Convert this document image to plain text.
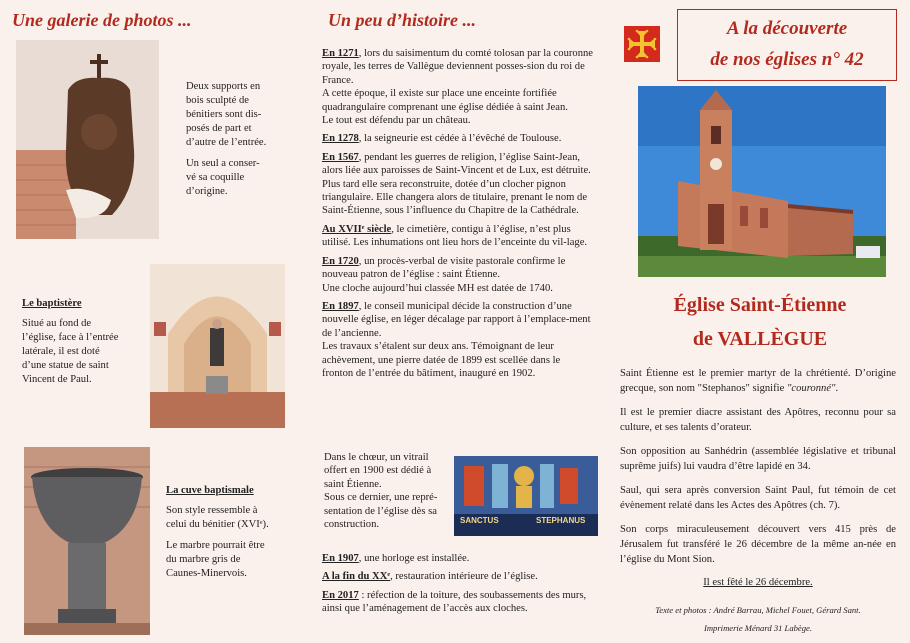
Une galerie de photos ...	Un peu d’histoire ...
Deux supports en
bois sculpté de
bénitiers sont dis-
posés de part et
d’autre de l’entrée.
Un seul a conser-
vé sa coquille
d’origine.
Le baptistère
Situé au fond de
l’église, face à l’entrée
latérale, il est doté
d’une statue de saint
Vincent de Paul.
La cuve baptismale
Son style ressemble à
celui du bénitier (XVIᵉ).
Le marbre pourrait être
du marbre gris de
Caunes-Minervois.

En 1271, lors du saisimentum du comté tolosan par la couronne royale, les terres de Vallègue deviennent posses-sion du roi de France.
A cette époque, il existe sur place une enceinte fortifiée quadrangulaire comprenant une église dédiée à saint Jean.
Le tout est défendu par un château.

En 1278, la seigneurie est cédée à l’évêché de Toulouse.

En 1567, pendant les guerres de religion, l’église Saint-Jean, alors liée aux paroisses de Saint-Vincent et de Lux, est détruite.
Plus tard elle sera reconstruite, dotée d’un clocher pignon triangulaire. Elle changera alors de titulaire, prenant le nom de Saint-Étienne, sous l’influence du Chapitre de la Cathédrale.

Au XVIIᵉ siècle, le cimetière, contigu à l’église, n’est plus utilisé. Les inhumations ont lieu hors de l’enceinte du vil-lage.

En 1720, un procès-verbal de visite pastorale confirme le nouveau patron de l’église : saint Étienne.
Une cloche aujourd’hui classée MH est datée de 1740.

En 1897, le conseil municipal décide la construction d’une nouvelle église, en léger décalage par rapport à l’emplace-ment de l’ancienne.
Les travaux s’étalent sur deux ans. Témoignant de leur achèvement, une pierre datée de 1899 est scellée dans le fronton de l’entrée du bâtiment, inauguré en 1902.

Dans le chœur, un vitrail
offert en 1900 est dédié à
saint Étienne.
Sous ce dernier, une repré-
sentation de l’église dès sa
construction.	SANCTUS	STEPHANUS

En 1907, une horloge est installée.

A la fin du XXᵉ, restauration intérieure de l’église.

En 2017 : réfection de la toiture, des soubassements des murs, ainsi que l’aménagement de l’accès aux cloches.

A la découverte
de nos églises n° 42
Église Saint-Étienne
de VALLÈGUE

Saint Étienne est le premier martyr de la chrétienté. D’origine grecque, son nom "Stephanos" signifie "couronné".

Il est le premier diacre assistant des Apôtres, reconnu pour sa culture, et ses talents d’orateur.

Son opposition au Sanhédrin (assemblée législative et tribunal suprême juifs) lui vaudra d’être lapidé en 34.

Saul, qui sera après conversion Saint Paul, fut témoin de cet évènement relaté dans les Actes des Apôtres (ch. 7).

Son corps miraculeusement découvert vers 415 près de Jérusalem fut transféré le 26 décembre de la même an-née en l’église du Mont Sion.

Il est fêté le 26 décembre.
Texte et photos : André Barrau, Michel Fouet, Gérard Sant.
Imprimerie Ménard 31 Labège.
